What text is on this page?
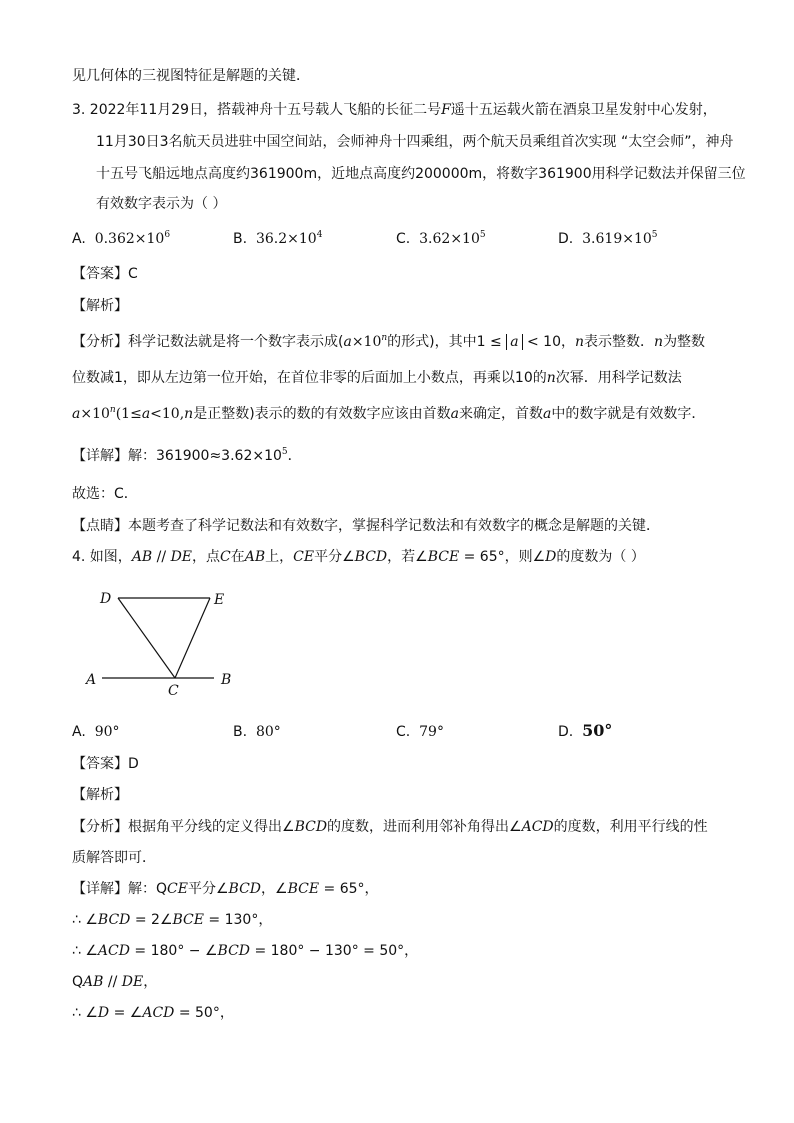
见几何体的三视图特征是解题的关键．
3. 2022年11月29日，搭载神舟十五号载人飞船的长征二号F遥十五运载火箭在酒泉卫星发射中心发射，
11月30日3名航天员进驻中国空间站，会师神舟十四乘组，两个航天员乘组首次实现 “太空会师”，神舟
十五号飞船远地点高度约361900m，近地点高度约200000m，将数字361900用科学记数法并保留三位
有效数字表示为（ ）
A. $0.362\times 10^6$	B. $36.2\times 10^4$	C. $3.62\times 10^5$	D. $3.619\times 10^5$
【答案】C
【解析】
【分析】科学记数法就是将一个数字表示成($a\times 10^n$的形式)，其中1 ≤ a < 10，n表示整数．n为整数
位数减1，即从左边第一位开始，在首位非零的后面加上小数点，再乘以10的n次幂．用科学记数法
$a\times 10^n(1\le a<10,n$是正整数)表示的数的有效数字应该由首数a来确定，首数a中的数字就是有效数字．
【详解】解：$361900\approx 3.62\times 10^5$．
故选：C．
【点睛】本题考查了科学记数法和有效数字，掌握科学记数法和有效数字的概念是解题的关键．
4. 如图，AB // DE，点C在AB上，CE平分∠BCD，若∠BCE = 65°，则∠D的度数为（ ）
D	E
A	B
C
A. 90°	B. 80°	C. 79°	D. 50°
【答案】D
【解析】
【分析】根据角平分线的定义得出∠BCD的度数，进而利用邻补角得出∠ACD的度数，利用平行线的性
质解答即可．
【详解】解：QCE平分∠BCD，∠BCE = 65°，
∴ ∠BCD = 2∠BCE = 130°，
∴ ∠ACD = 180° − ∠BCD = 180° − 130° = 50°，
QAB // DE，
∴ ∠D = ∠ACD = 50°，
